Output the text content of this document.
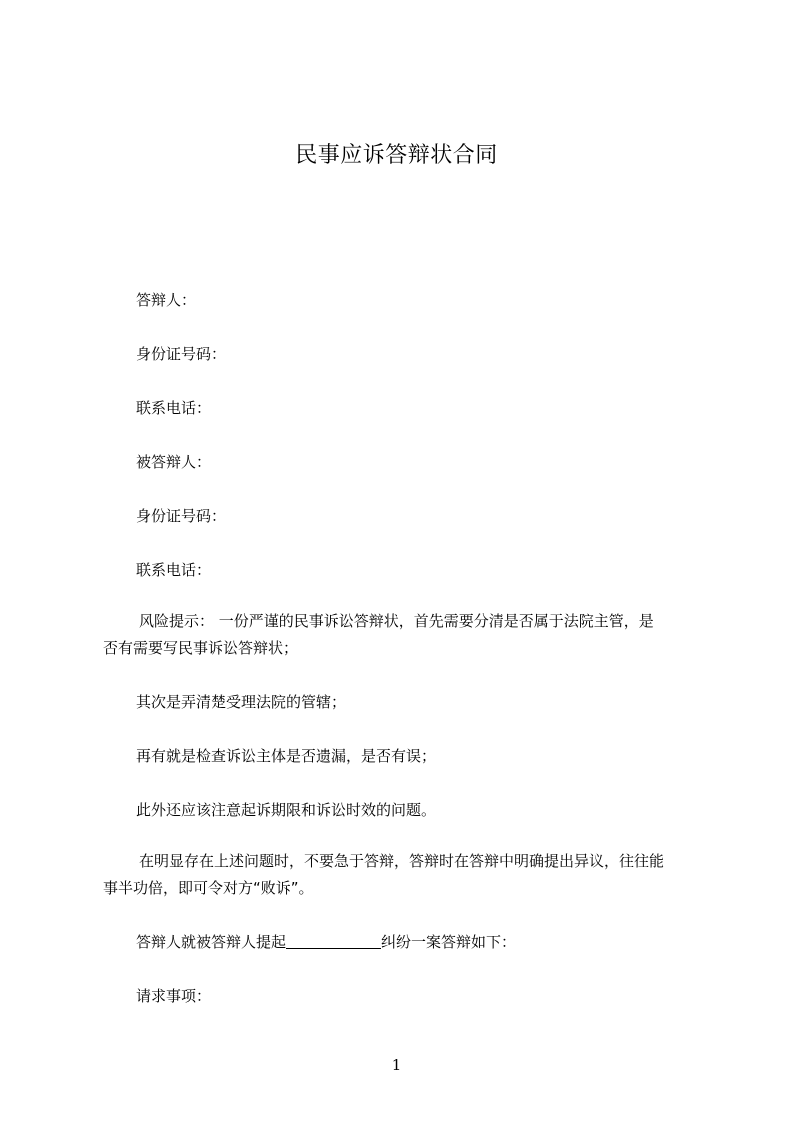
民事应诉答辩状合同
答辩人：
身份证号码：
联系电话：
被答辩人：
身份证号码：
联系电话：
风险提示： 一份严谨的民事诉讼答辩状，首先需要分清是否属于法院主管，是
否有需要写民事诉讼答辩状；
其次是弄清楚受理法院的管辖；
再有就是检查诉讼主体是否遗漏，是否有误；
此外还应该注意起诉期限和诉讼时效的问题。
在明显存在上述问题时，不要急于答辩，答辩时在答辩中明确提出异议，往往能
事半功倍，即可令对方“败诉”。
答辩人就被答辩人提起	纠纷一案答辩如下：
请求事项：
1
